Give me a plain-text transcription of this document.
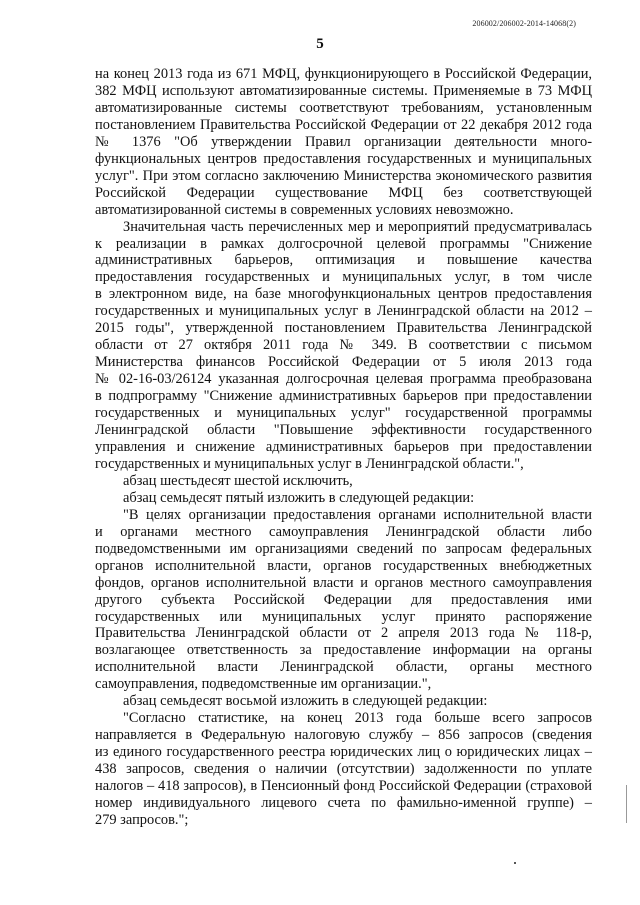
206002/206002-2014-14068(2)
5

на конец 2013 года из 671 МФЦ, функционирующего в Российской Федерации,

382 МФЦ используют автоматизированные системы. Применяемые в 73 МФЦ

автоматизированные системы соответствуют требованиям, установленным

постановлением Правительства Российской Федерации от 22 декабря 2012 года

№ 1376 "Об утверждении Правил организации деятельности много-

функциональных центров предоставления государственных и муниципальных

услуг". При этом согласно заключению Министерства экономического развития

Российской Федерации существование МФЦ без соответствующей

автоматизированной системы в современных условиях невозможно.

Значительная часть перечисленных мер и мероприятий предусматривалась

к реализации в рамках долгосрочной целевой программы "Снижение

административных барьеров, оптимизация и повышение качества

предоставления государственных и муниципальных услуг, в том числе

в электронном виде, на базе многофункциональных центров предоставления

государственных и муниципальных услуг в Ленинградской области на 2012 –

2015 годы", утвержденной постановлением Правительства Ленинградской

области от 27 октября 2011 года № 349. В соответствии с письмом

Министерства финансов Российской Федерации от 5 июля 2013 года

№ 02-16-03/26124 указанная долгосрочная целевая программа преобразована

в подпрограмму "Снижение административных барьеров при предоставлении

государственных и муниципальных услуг" государственной программы

Ленинградской области "Повышение эффективности государственного

управления и снижение административных барьеров при предоставлении

государственных и муниципальных услуг в Ленинградской области.",

абзац шестьдесят шестой исключить,

абзац семьдесят пятый изложить в следующей редакции:

"В целях организации предоставления органами исполнительной власти

и органами местного самоуправления Ленинградской области либо

подведомственными им организациями сведений по запросам федеральных

органов исполнительной власти, органов государственных внебюджетных

фондов, органов исполнительной власти и органов местного самоуправления

другого субъекта Российской Федерации для предоставления ими

государственных или муниципальных услуг принято распоряжение

Правительства Ленинградской области от 2 апреля 2013 года № 118-р,

возлагающее ответственность за предоставление информации на органы

исполнительной власти Ленинградской области, органы местного

самоуправления, подведомственные им организации.",

абзац семьдесят восьмой изложить в следующей редакции:

"Согласно статистике, на конец 2013 года больше всего запросов

направляется в Федеральную налоговую службу – 856 запросов (сведения

из единого государственного реестра юридических лиц о юридических лицах –

438 запросов, сведения о наличии (отсутствии) задолженности по уплате

налогов – 418 запросов), в Пенсионный фонд Российской Федерации (страховой

номер индивидуального лицевого счета по фамильно-именной группе) –

279 запросов.";
